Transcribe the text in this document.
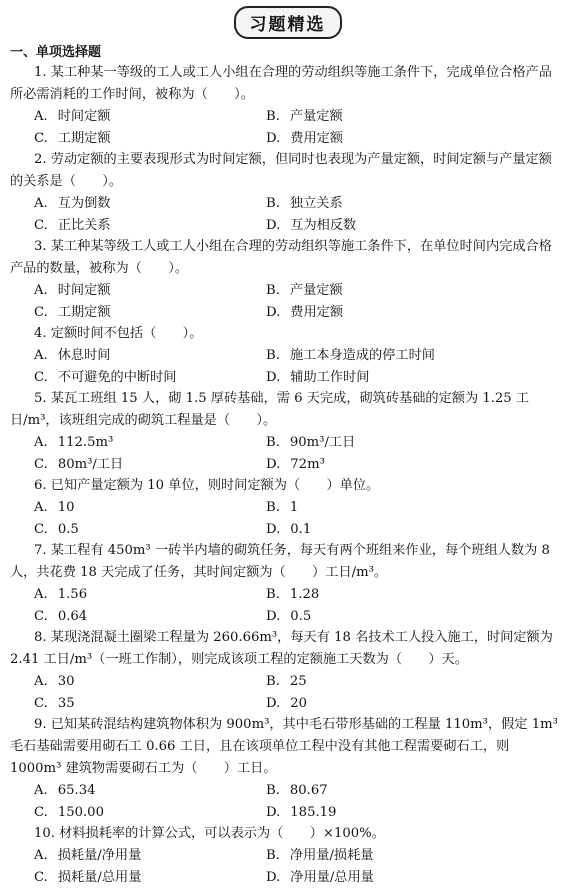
习题精选
一、单项选择题

1. 某工种某一等级的工人或工人小组在合理的劳动组织等施工条件下，完成单位合格产品所必需消耗的工作时间，被称为（　　）。

A. 时间定额	B. 产量定额
C. 工期定额	D. 费用定额

2. 劳动定额的主要表现形式为时间定额，但同时也表现为产量定额，时间定额与产量定额的关系是（　　）。

A. 互为倒数	B. 独立关系
C. 正比关系	D. 互为相反数

3. 某工种某等级工人或工人小组在合理的劳动组织等施工条件下，在单位时间内完成合格产品的数量，被称为（　　）。

A. 时间定额	B. 产量定额
C. 工期定额	D. 费用定额

4. 定额时间不包括（　　）。

A. 休息时间	B. 施工本身造成的停工时间
C. 不可避免的中断时间	D. 辅助工作时间

5. 某瓦工班组 15 人，砌 1.5 厚砖基础，需 6 天完成，砌筑砖基础的定额为 1.25 工日/m³，该班组完成的砌筑工程量是（　　）。

A. 112.5m³	B. 90m³/工日
C. 80m³/工日	D. 72m³

6. 已知产量定额为 10 单位，则时间定额为（　　）单位。

A. 10	B. 1
C. 0.5	D. 0.1

7. 某工程有 450m³ 一砖半内墙的砌筑任务，每天有两个班组来作业，每个班组人数为 8 人，共花费 18 天完成了任务，其时间定额为（　　）工日/m³。

A. 1.56	B. 1.28
C. 0.64	D. 0.5

8. 某现浇混凝土圈梁工程量为 260.66m³，每天有 18 名技术工人投入施工，时间定额为 2.41 工日/m³（一班工作制），则完成该项工程的定额施工天数为（　　）天。

A. 30	B. 25
C. 35	D. 20

9. 已知某砖混结构建筑物体积为 900m³，其中毛石带形基础的工程量 110m³，假定 1m³ 毛石基础需要用砌石工 0.66 工日，且在该项单位工程中没有其他工程需要砌石工，则 1000m³ 建筑物需要砌石工为（　　）工日。

A. 65.34	B. 80.67
C. 150.00	D. 185.19

10. 材料损耗率的计算公式，可以表示为（　　）×100%。

A. 损耗量/净用量	B. 净用量/损耗量
C. 损耗量/总用量	D. 净用量/总用量
